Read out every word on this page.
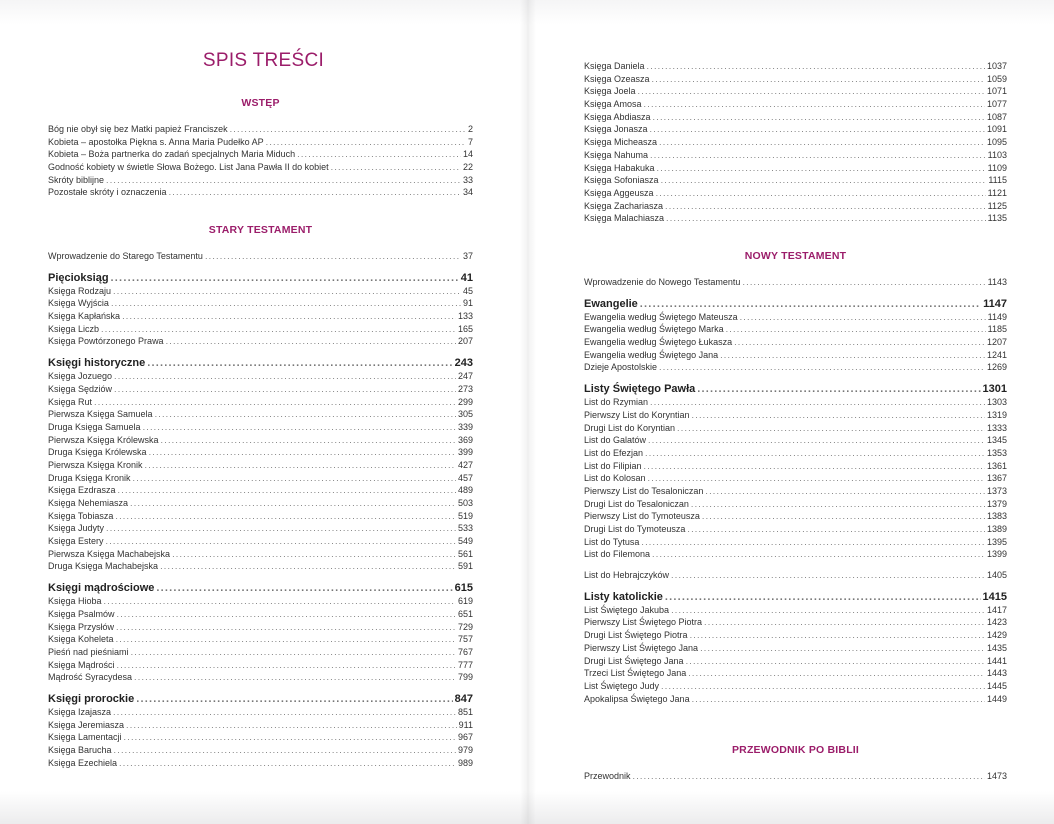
SPIS TREŚCI
WSTĘP
Bóg nie obył się bez Matki papież Franciszek .....	2
Kobieta – apostołka Piękna s. Anna Maria Pudełko AP .....	7
Kobieta – Boża partnerka do zadań specjalnych Maria Miduch .....	14
Godność kobiety w świetle Słowa Bożego. List Jana Pawła II do kobiet .....	22
Skróty biblijne .....	33
Pozostałe skróty i oznaczenia .....	34
STARY TESTAMENT
Wprowadzenie do Starego Testamentu .....	37
Pięcioksiąg .....	41
Księga Rodzaju .....	45
Księga Wyjścia .....	91
Księga Kapłańska .....	133
Księga Liczb .....	165
Księga Powtórzonego Prawa .....	207
Księgi historyczne .....	243
Księga Jozuego .....	247
Księga Sędziów .....	273
Księga Rut .....	299
Pierwsza Księga Samuela .....	305
Druga Księga Samuela .....	339
Pierwsza Księga Królewska .....	369
Druga Księga Królewska .....	399
Pierwsza Księga Kronik .....	427
Druga Księga Kronik .....	457
Księga Ezdrasza .....	489
Księga Nehemiasza .....	503
Księga Tobiasza .....	519
Księga Judyty .....	533
Księga Estery .....	549
Pierwsza Księga Machabejska .....	561
Druga Księga Machabejska .....	591
Księgi mądrościowe .....	615
Księga Hioba .....	619
Księga Psalmów .....	651
Księga Przysłów .....	729
Księga Koheleta .....	757
Pieśń nad pieśniami .....	767
Księga Mądrości .....	777
Mądrość Syracydesa .....	799
Księgi prorockie .....	847
Księga Izajasza .....	851
Księga Jeremiasza .....	911
Księga Lamentacji .....	967
Księga Barucha .....	979
Księga Ezechiela .....	989
Księga Daniela .....	1037
Księga Ozeasza .....	1059
Księga Joela .....	1071
Księga Amosa .....	1077
Księga Abdiasza .....	1087
Księga Jonasza .....	1091
Księga Micheasza .....	1095
Księga Nahuma .....	1103
Księga Habakuka .....	1109
Księga Sofoniasza .....	1115
Księga Aggeusza .....	1121
Księga Zachariasza .....	1125
Księga Malachiasza .....	1135
NOWY TESTAMENT
Wprowadzenie do Nowego Testamentu .....	1143
Ewangelie .....	1147
Ewangelia według Świętego Mateusza .....	1149
Ewangelia według Świętego Marka .....	1185
Ewangelia według Świętego Łukasza .....	1207
Ewangelia według Świętego Jana .....	1241
Dzieje Apostolskie .....	1269
Listy Świętego Pawła .....	1301
List do Rzymian .....	1303
Pierwszy List do Koryntian .....	1319
Drugi List do Koryntian .....	1333
List do Galatów .....	1345
List do Efezjan .....	1353
List do Filipian .....	1361
List do Kolosan .....	1367
Pierwszy List do Tesaloniczan .....	1373
Drugi List do Tesaloniczan .....	1379
Pierwszy List do Tymoteusza .....	1383
Drugi List do Tymoteusza .....	1389
List do Tytusa .....	1395
List do Filemona .....	1399
List do Hebrajczyków .....	1405
Listy katolickie .....	1415
List Świętego Jakuba .....	1417
Pierwszy List Świętego Piotra .....	1423
Drugi List Świętego Piotra .....	1429
Pierwszy List Świętego Jana .....	1435
Drugi List Świętego Jana .....	1441
Trzeci List Świętego Jana .....	1443
List Świętego Judy .....	1445
Apokalipsa Świętego Jana .....	1449
PRZEWODNIK PO BIBLII
Przewodnik .....	1473
